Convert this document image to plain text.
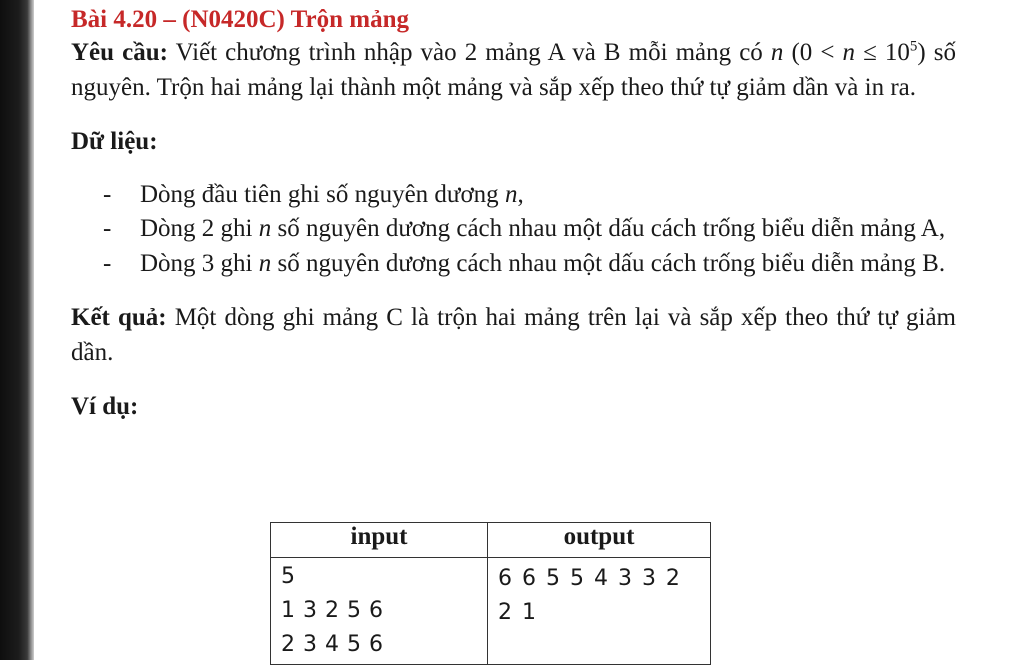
Bài 4.20 – (N0420C) Trộn mảng

Yêu cầu: Viết chương trình nhập vào 2 mảng A và B mỗi mảng có n $(0 < n \le 10^5)$ số nguyên. Trộn hai mảng lại thành một mảng và sắp xếp theo thứ tự giảm dần và in ra.

Dữ liệu:

- Dòng đầu tiên ghi số nguyên dương n,
- Dòng 2 ghi n số nguyên dương cách nhau một dấu cách trống biểu diễn mảng A,
- Dòng 3 ghi n số nguyên dương cách nhau một dấu cách trống biểu diễn mảng B.

Kết quả: Một dòng ghi mảng C là trộn hai mảng trên lại và sắp xếp theo thứ tự giảm dần.

Ví dụ:

input	output

5
1 3 2 5 6
2 3 4 5 6	6 6 5 5 4 3 3 2 2 1
